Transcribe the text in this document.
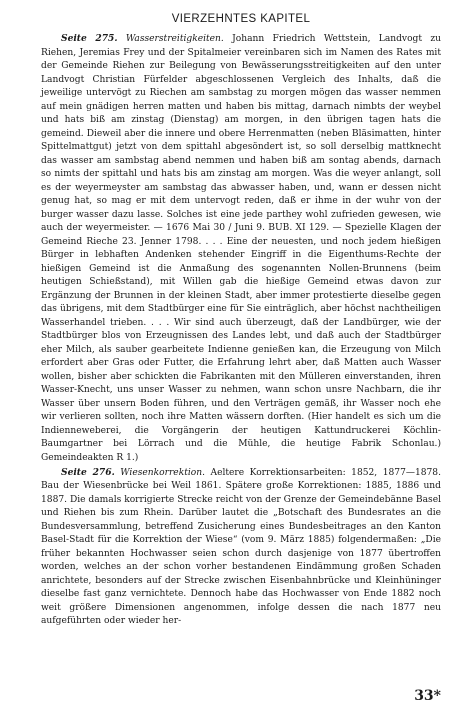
VIERZEHNTES KAPITEL

Seite 275. Wasserstreitigkeiten. Johann Friedrich Wettstein, Landvogt zu Riehen, Jeremias Frey und der Spitalmeier vereinbaren sich im Namen des Rates mit der Gemeinde Riehen zur Beilegung von Bewässerungsstreitigkeiten auf den unter Landvogt Christian Fürfelder abgeschlossenen Vergleich des Inhalts, daß die jeweilige untervögt zu Riechen am sambstag zu morgen mögen das wasser nemmen auf mein gnädigen herren matten und haben bis mittag, darnach nimbts der weybel und hats biß am zinstag (Dienstag) am morgen, in den übrigen tagen hats die gemeind. Dieweil aber die innere und obere Herrenmatten (neben Bläsimatten, hinter Spittelmattgut) jetzt von dem spittahl abgesöndert ist, so soll derselbig mattknecht das wasser am sambstag abend nemmen und haben biß am sontag abends, darnach so nimts der spittahl und hats bis am zinstag am morgen. Was die weyer anlangt, soll es der weyermeyster am sambstag das abwasser haben, und, wann er dessen nicht genug hat, so mag er mit dem untervogt reden, daß er ihme in der wuhr von der burger wasser dazu lasse. Solches ist eine jede parthey wohl zufrieden gewesen, wie auch der weyermeister. — 1676 Mai 30 / Juni 9. BUB. XI 129. — Spezielle Klagen der Gemeind Rieche 23. Jenner 1798. . . . Eine der neuesten, und noch jedem hießigen Bürger in lebhaften Andenken stehender Eingriff in die Eigenthums-Rechte der hießigen Gemeind ist die Anmaßung des sogenannten Nollen-Brunnens (beim heutigen Schießstand), mit Willen gab die hießige Gemeind etwas davon zur Ergänzung der Brunnen in der kleinen Stadt, aber immer protestierte dieselbe gegen das übrigens, mit dem Stadtbürger eine für Sie einträglich, aber höchst nachtheiligen Wasserhandel trieben. . . . Wir sind auch überzeugt, daß der Landbürger, wie der Stadtbürger blos von Erzeugnissen des Landes lebt, und daß auch der Stadtbürger eher Milch, als sauber gearbeitete Indienne genießen kan, die Erzeugung von Milch erfordert aber Gras oder Futter, die Erfahrung lehrt aber, daß Matten auch Wasser wollen, bisher aber schickten die Fabrikanten mit den Mülleren einverstanden, ihren Wasser-Knecht, uns unser Wasser zu nehmen, wann schon unsre Nachbarn, die ihr Wasser über unsern Boden führen, und den Verträgen gemäß, ihr Wasser noch ehe wir verlieren sollten, noch ihre Matten wässern dorften. (Hier handelt es sich um die Indienneweberei, die Vorgängerin der heutigen Kattundruckerei Köchlin-Baumgartner bei Lörrach und die Mühle, die heutige Fabrik Schonlau.) Gemeindeakten R 1.)

Seite 276. Wiesenkorrektion. Aeltere Korrektionsarbeiten: 1852, 1877—1878. Bau der Wiesenbrücke bei Weil 1861. Spätere große Korrektionen: 1885, 1886 und 1887. Die damals korrigierte Strecke reicht von der Grenze der Gemeindebänne Basel und Riehen bis zum Rhein. Darüber lautet die „Botschaft des Bundesrates an die Bundesversammlung, betreffend Zusicherung eines Bundesbeitrages an den Kanton Basel-Stadt für die Korrektion der Wiese“ (vom 9. März 1885) folgendermaßen: „Die früher bekannten Hochwasser seien schon durch dasjenige von 1877 übertroffen worden, welches an der schon vorher bestandenen Eindämmung großen Schaden anrichtete, besonders auf der Strecke zwischen Eisenbahnbrücke und Kleinhüninger dieselbe fast ganz vernichtete. Dennoch habe das Hochwasser von Ende 1882 noch weit größere Dimensionen angenommen, infolge dessen die nach 1877 neu aufgeführten oder wieder her-

33*
